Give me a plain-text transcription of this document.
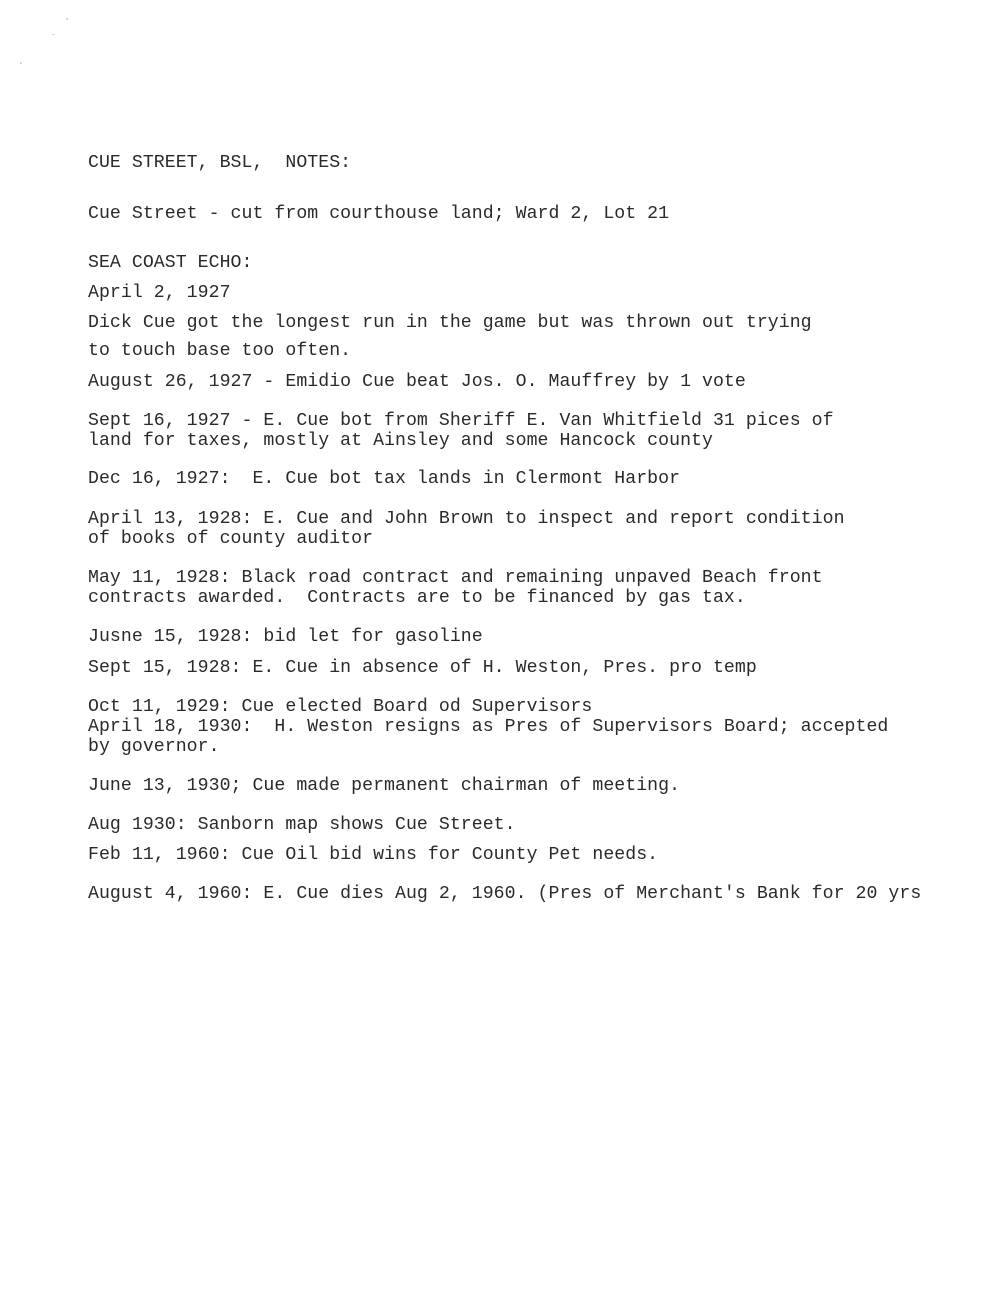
CUE STREET, BSL,  NOTES:
Cue Street - cut from courthouse land; Ward 2, Lot 21
SEA COAST ECHO:
April 2, 1927
Dick Cue got the longest run in the game but was thrown out trying
to touch base too often.
August 26, 1927 - Emidio Cue beat Jos. O. Mauffrey by 1 vote
Sept 16, 1927 - E. Cue bot from Sheriff E. Van Whitfield 31 pices of
land for taxes, mostly at Ainsley and some Hancock county
Dec 16, 1927:  E. Cue bot tax lands in Clermont Harbor
April 13, 1928: E. Cue and John Brown to inspect and report condition
of books of county auditor
May 11, 1928: Black road contract and remaining unpaved Beach front
contracts awarded.  Contracts are to be financed by gas tax.
Jusne 15, 1928: bid let for gasoline
Sept 15, 1928: E. Cue in absence of H. Weston, Pres. pro temp
Oct 11, 1929: Cue elected Board od Supervisors
April 18, 1930:  H. Weston resigns as Pres of Supervisors Board; accepted
by governor.
June 13, 1930; Cue made permanent chairman of meeting.
Aug 1930: Sanborn map shows Cue Street.
Feb 11, 1960: Cue Oil bid wins for County Pet needs.
August 4, 1960: E. Cue dies Aug 2, 1960. (Pres of Merchant's Bank for 20 yrs
